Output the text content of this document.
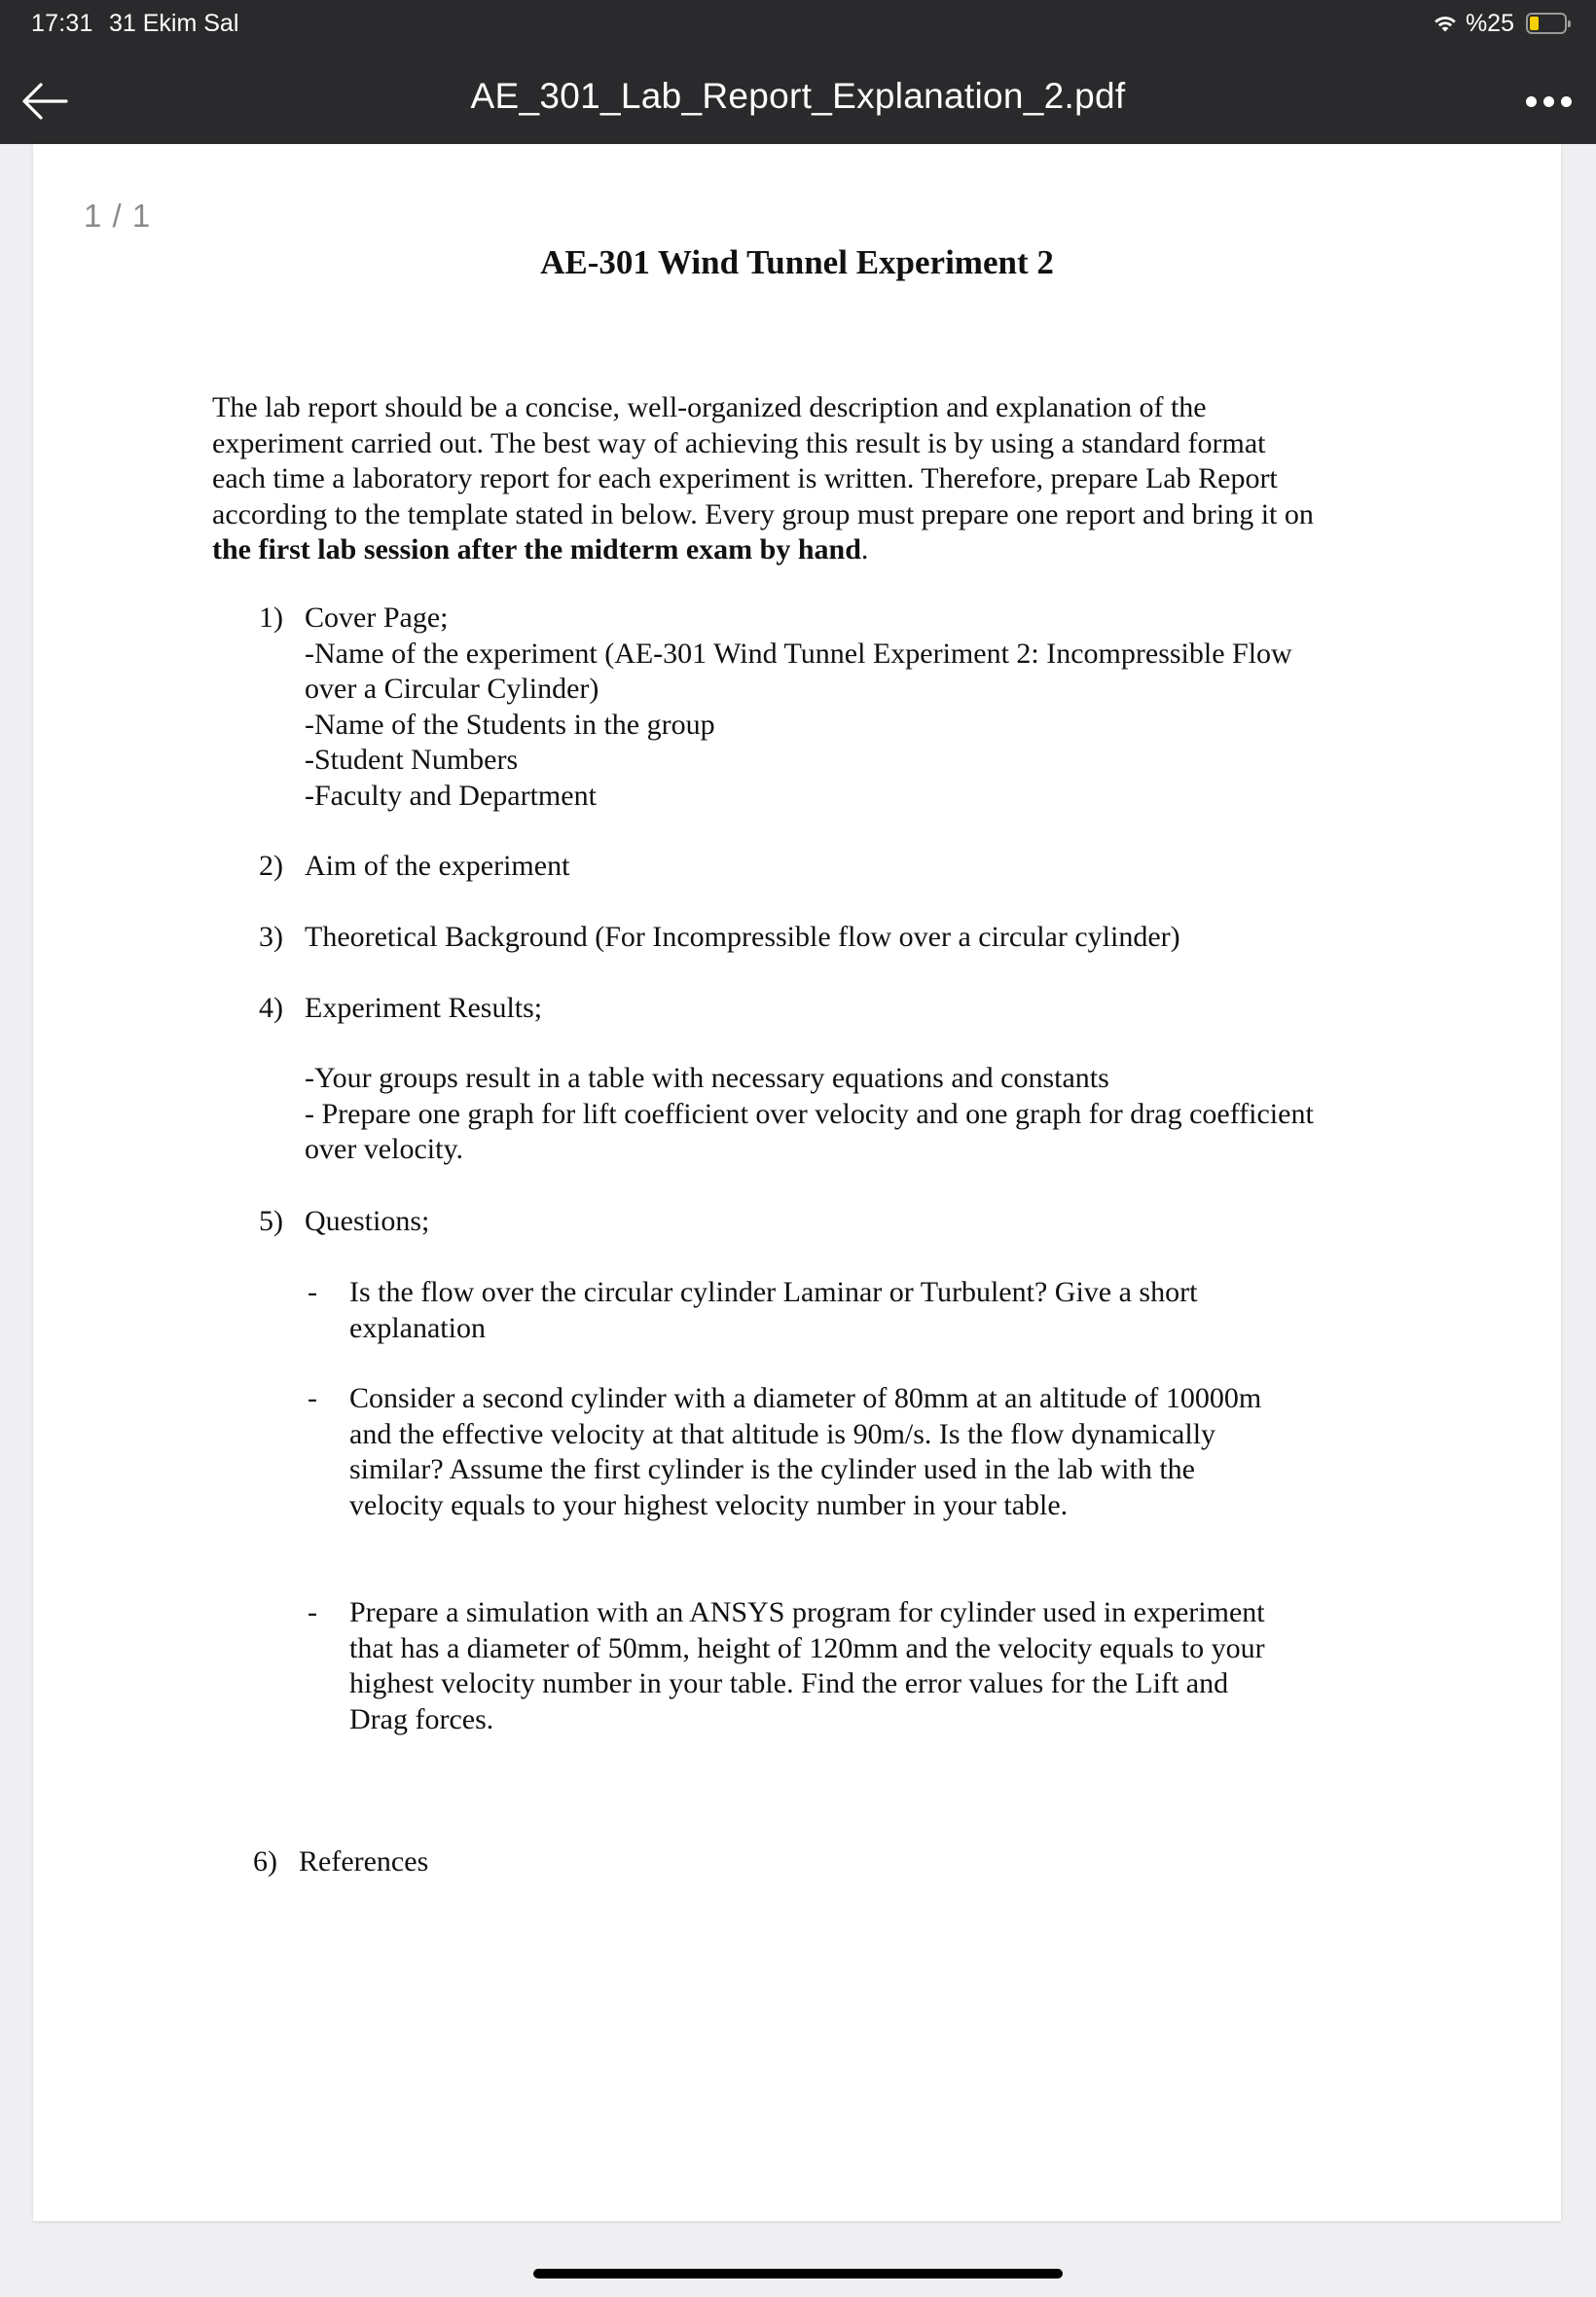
17:31 31 Ekim Sal	%25
AE_301_Lab_Report_Explanation_2.pdf
1 / 1
AE-301 Wind Tunnel Experiment 2

The lab report should be a concise, well-organized description and explanation of the
experiment carried out. The best way of achieving this result is by using a standard format
each time a laboratory report for each experiment is written. Therefore, prepare Lab Report
according to the template stated in below. Every group must prepare one report and bring it on
the first lab session after the midterm exam by hand.

1) Cover Page;
-Name of the experiment (AE-301 Wind Tunnel Experiment 2: Incompressible Flow
over a Circular Cylinder)
-Name of the Students in the group
-Student Numbers
-Faculty and Department
2) Aim of the experiment
3) Theoretical Background (For Incompressible flow over a circular cylinder)
4) Experiment Results;
-Your groups result in a table with necessary equations and constants
- Prepare one graph for lift coefficient over velocity and one graph for drag coefficient
over velocity.
5) Questions;
- Is the flow over the circular cylinder Laminar or Turbulent? Give a short
explanation
- Consider a second cylinder with a diameter of 80mm at an altitude of 10000m
and the effective velocity at that altitude is 90m/s. Is the flow dynamically
similar? Assume the first cylinder is the cylinder used in the lab with the
velocity equals to your highest velocity number in your table.
- Prepare a simulation with an ANSYS program for cylinder used in experiment
that has a diameter of 50mm, height of 120mm and the velocity equals to your
highest velocity number in your table. Find the error values for the Lift and
Drag forces.
6) References
